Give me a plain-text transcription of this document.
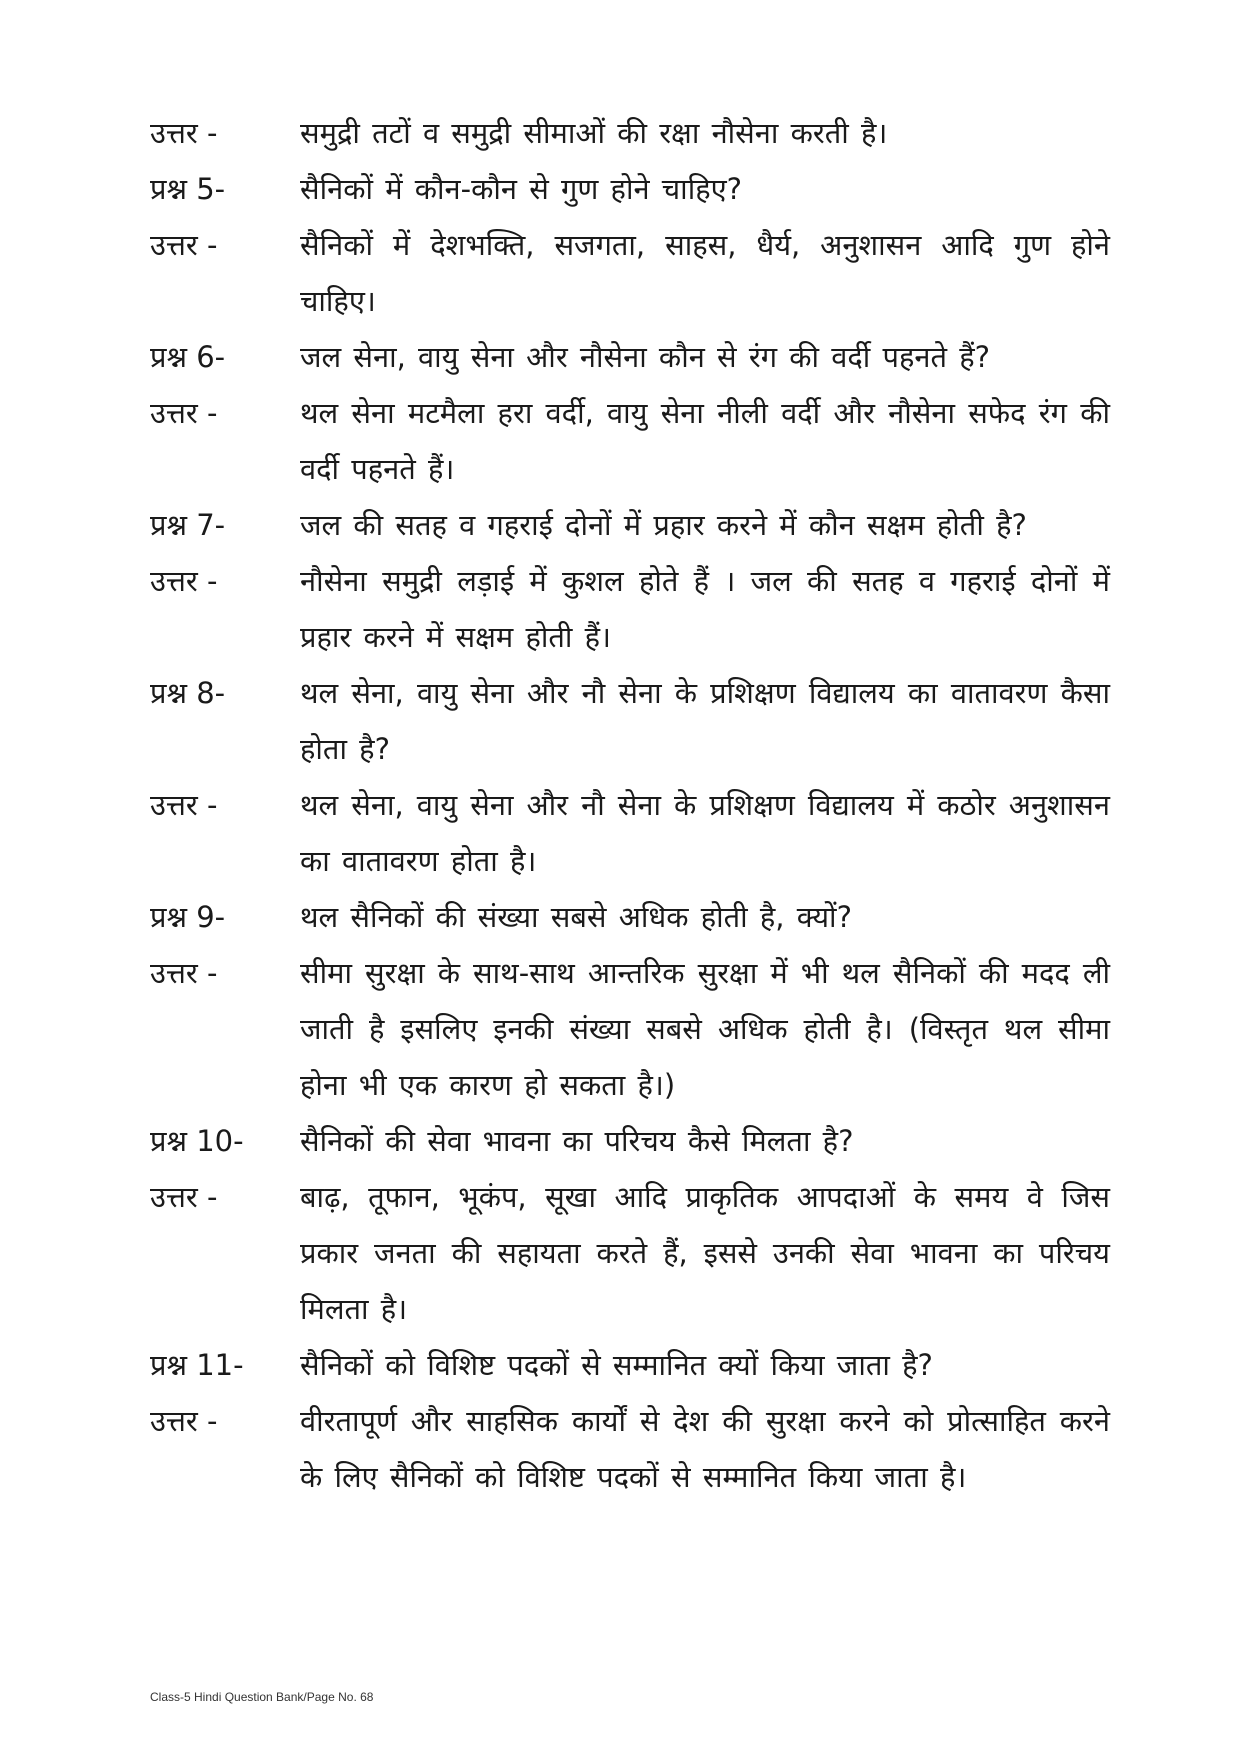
उत्तर -	समुद्री तटों व समुद्री सीमाओं की रक्षा नौसेना करती है।
प्रश्न 5-	सैनिकों में कौन-कौन से गुण होने चाहिए?
उत्तर -	सैनिकों में देशभक्ति, सजगता, साहस, धैर्य, अनुशासन आदि गुण होने चाहिए।
प्रश्न 6-	जल सेना, वायु सेना और नौसेना कौन से रंग की वर्दी पहनते हैं?
उत्तर -	थल सेना मटमैला हरा वर्दी, वायु सेना नीली वर्दी और नौसेना सफेद रंग की वर्दी पहनते हैं।
प्रश्न 7-	जल की सतह व गहराई दोनों में प्रहार करने में कौन सक्षम होती है?
उत्तर -	नौसेना समुद्री लड़ाई में कुशल होते हैं । जल की सतह व गहराई दोनों में प्रहार करने में सक्षम होती हैं।
प्रश्न 8-	थल सेना, वायु सेना और नौ सेना के प्रशिक्षण विद्यालय का वातावरण कैसा होता है?
उत्तर -	थल सेना, वायु सेना और नौ सेना के प्रशिक्षण विद्यालय में कठोर अनुशासन का वातावरण होता है।
प्रश्न 9-	थल सैनिकों की संख्या सबसे अधिक होती है, क्यों?
उत्तर -	सीमा सुरक्षा के साथ-साथ आन्तरिक सुरक्षा में भी थल सैनिकों की मदद ली जाती है इसलिए इनकी संख्या सबसे अधिक होती है। (विस्तृत थल सीमा होना भी एक कारण हो सकता है।)
प्रश्न 10-	सैनिकों की सेवा भावना का परिचय कैसे मिलता है?
उत्तर -	बाढ़, तूफान, भूकंप, सूखा आदि प्राकृतिक आपदाओं के समय वे जिस प्रकार जनता की सहायता करते हैं, इससे उनकी सेवा भावना का परिचय मिलता है।
प्रश्न 11-	सैनिकों को विशिष्ट पदकों से सम्मानित क्यों किया जाता है?
उत्तर -	वीरतापूर्ण और साहसिक कार्यों से देश की सुरक्षा करने को प्रोत्साहित करने के लिए सैनिकों को विशिष्ट पदकों से सम्मानित किया जाता है।
Class-5 Hindi Question Bank/Page No. 68
